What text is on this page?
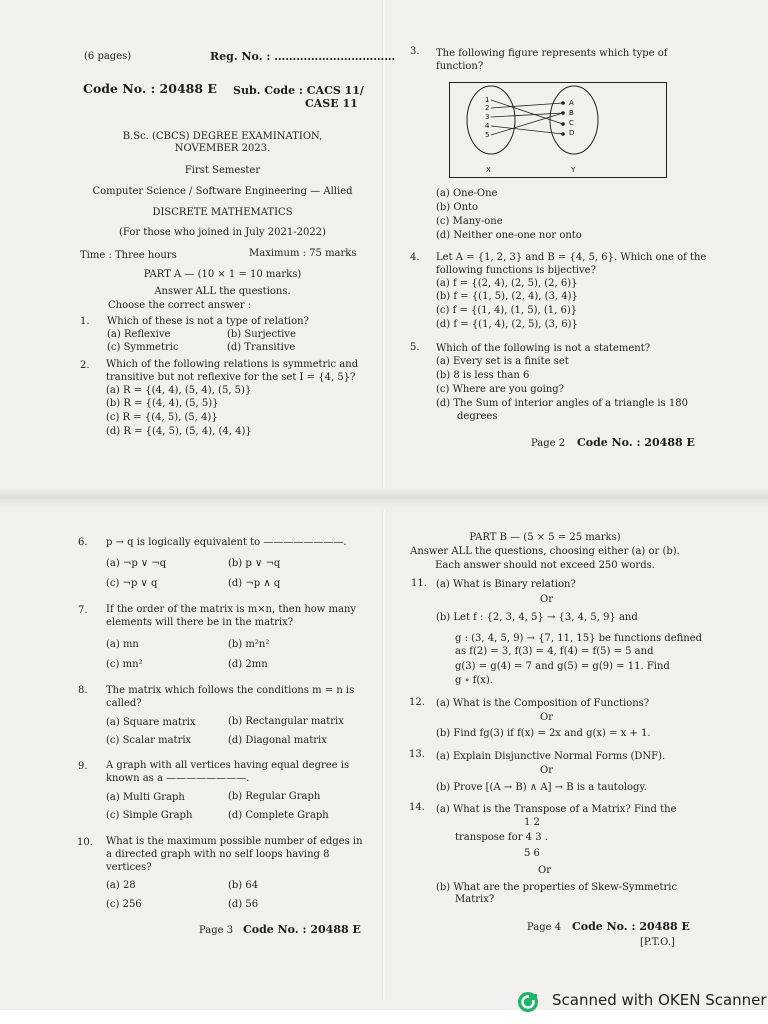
(6 pages)	Reg. No. : ……………………………
Code No. : 20488 E Sub. Code : CACS 11/
CASE 11
B.Sc. (CBCS) DEGREE EXAMINATION,
NOVEMBER 2023.
First Semester
Computer Science / Software Engineering — Allied
DISCRETE MATHEMATICS
(For those who joined in July 2021-2022)
Time : Three hours	Maximum : 75 marks
PART A — (10 × 1 = 10 marks)
Answer ALL the questions.
Choose the correct answer :
1. Which of these is not a type of relation?
(a) Reflexive	(b) Surjective
(c) Symmetric	(d) Transitive
2. Which of the following relations is symmetric and
transitive but not reflexive for the set I = {4, 5}?
(a) R = {(4, 4), (5, 4), (5, 5)}
(b) R = {(4, 4), (5, 5)}
(c) R = {(4, 5), (5, 4)}
(d) R = {(4, 5), (5, 4), (4, 4)}
3. The following figure represents which type of
function?
1
2
3
4
5
A
B
C
D
X	Y
(a) One-One
(b) Onto
(c) Many-one
(d) Neither one-one nor onto
4. Let A = {1, 2, 3} and B = {4, 5, 6}. Which one of the
following functions is bijective?
(a) f = {(2, 4), (2, 5), (2, 6)}
(b) f = {(1, 5), (2, 4), (3, 4)}
(c) f = {(1, 4), (1, 5), (1, 6)}
(d) f = {(1, 4), (2, 5), (3, 6)}
5. Which of the following is not a statement?
(a) Every set is a finite set
(b) 8 is less than 6
(c) Where are you going?
(d) The Sum of interior angles of a triangle is 180
degrees
Page 2 Code No. : 20488 E
6. p → q is logically equivalent to ————————.
(a) ¬p ∨ ¬q	(b) p ∨ ¬q
(c) ¬p ∨ q	(d) ¬p ∧ q
7. If the order of the matrix is m×n, then how many
elements will there be in the matrix?
(a) mn	(b) m²n²
(c) mn²	(d) 2mn
8. The matrix which follows the conditions m = n is
called?
(a) Square matrix	(b) Rectangular matrix
(c) Scalar matrix	(d) Diagonal matrix
9. A graph with all vertices having equal degree is
known as a ————————.
(a) Multi Graph	(b) Regular Graph
(c) Simple Graph	(d) Complete Graph
10. What is the maximum possible number of edges in
a directed graph with no self loops having 8
vertices?
(a) 28	(b) 64
(c) 256	(d) 56
Page 3 Code No. : 20488 E
PART B — (5 × 5 = 25 marks)
Answer ALL the questions, choosing either (a) or (b).
Each answer should not exceed 250 words.
11. (a) What is Binary relation?
Or
(b) Let f : {2, 3, 4, 5} → {3, 4, 5, 9} and
g : (3, 4, 5, 9) → {7, 11, 15} be functions defined
as f(2) = 3, f(3) = 4, f(4) = f(5) = 5 and
g(3) = g(4) = 7 and g(5) = g(9) = 11. Find
g ∘ f(x).
12. (a) What is the Composition of Functions?
Or
(b) Find fg(3) if f(x) = 2x and g(x) = x + 1.
13. (a) Explain Disjunctive Normal Forms (DNF).
Or
(b) Prove [(A → B) ∧ A] → B is a tautology.
14. (a) What is the Transpose of a Matrix? Find the
1 2
transpose for 4 3 .
5 6
Or
(b) What are the properties of Skew-Symmetric
Matrix?
Page 4 Code No. : 20488 E
[P.T.O.]
Scanned with OKEN Scanner
